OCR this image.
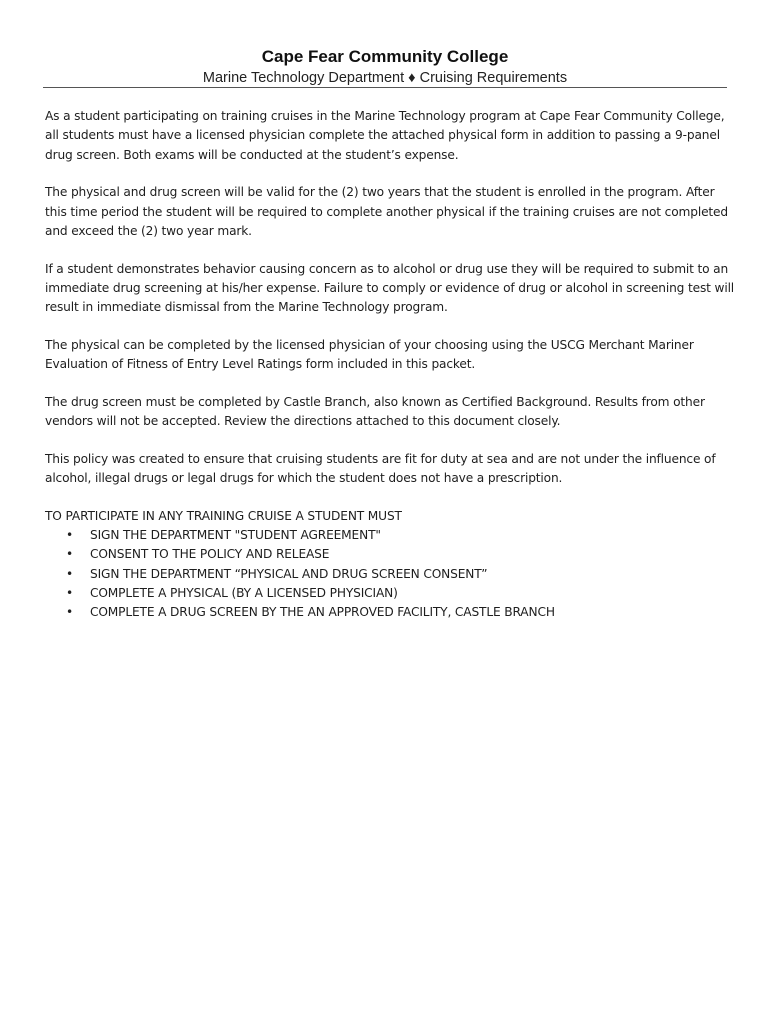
Cape Fear Community College

Marine Technology Department ♦ Cruising Requirements

As a student participating on training cruises in the Marine Technology program at Cape Fear Community College, all students must have a licensed physician complete the attached physical form in addition to passing a 9-panel drug screen. Both exams will be conducted at the student’s expense.

The physical and drug screen will be valid for the (2) two years that the student is enrolled in the program. After this time period the student will be required to complete another physical if the training cruises are not completed and exceed the (2) two year mark.

If a student demonstrates behavior causing concern as to alcohol or drug use they will be required to submit to an immediate drug screening at his/her expense. Failure to comply or evidence of drug or alcohol in screening test will result in immediate dismissal from the Marine Technology program.

The physical can be completed by the licensed physician of your choosing using the USCG Merchant Mariner Evaluation of Fitness of Entry Level Ratings form included in this packet.

The drug screen must be completed by Castle Branch, also known as Certified Background. Results from other vendors will not be accepted. Review the directions attached to this document closely.

This policy was created to ensure that cruising students are fit for duty at sea and are not under the influence of alcohol, illegal drugs or legal drugs for which the student does not have a prescription.

TO PARTICIPATE IN ANY TRAINING CRUISE A STUDENT MUST

• SIGN THE DEPARTMENT "STUDENT AGREEMENT"
• CONSENT TO THE POLICY AND RELEASE
• SIGN THE DEPARTMENT “PHYSICAL AND DRUG SCREEN CONSENT”
• COMPLETE A PHYSICAL (BY A LICENSED PHYSICIAN)
• COMPLETE A DRUG SCREEN BY THE AN APPROVED FACILITY, CASTLE BRANCH
